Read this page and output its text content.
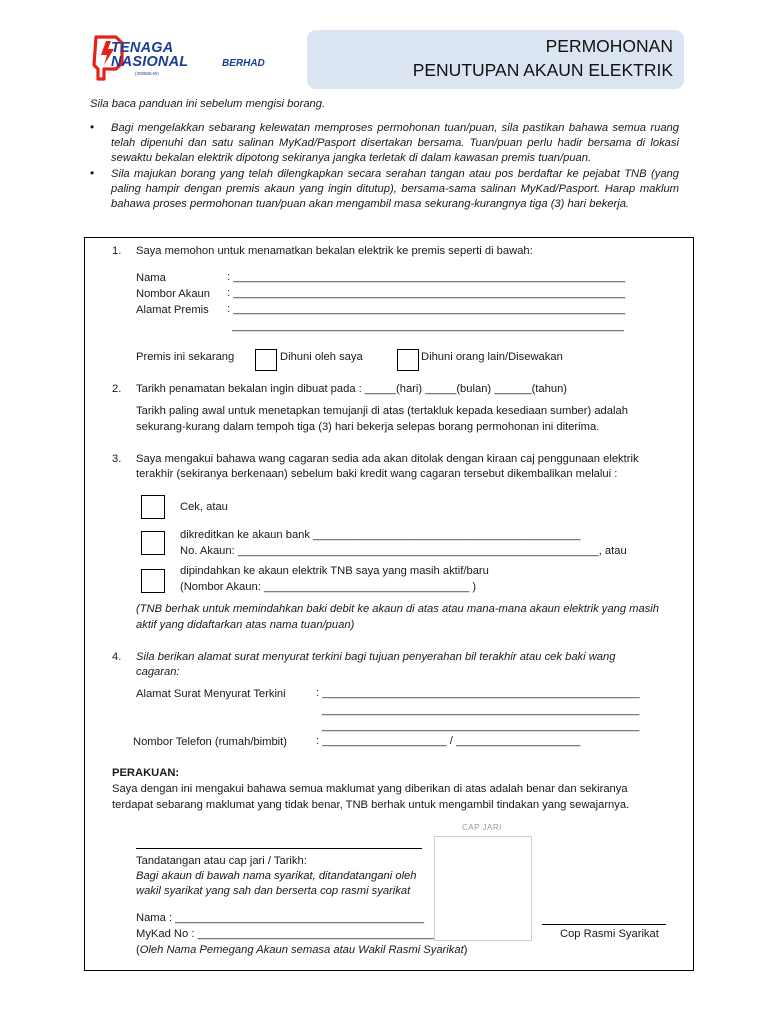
TENAGA
NASIONAL	BERHAD
(200866-W)
PERMOHONAN
PENUTUPAN AKAUN ELEKTRIK
Sila baca panduan ini sebelum mengisi borang.
•	Bagi mengelakkan sebarang kelewatan memproses permohonan tuan/puan, sila pastikan bahawa semua ruang telah dipenuhi dan satu salinan MyKad/Pasport disertakan bersama. Tuan/puan perlu hadir bersama di lokasi sewaktu bekalan elektrik dipotong sekiranya jangka terletak di dalam kawasan premis tuan/puan.
•	Sila majukan borang yang telah dilengkapkan secara serahan tangan atau pos berdaftar ke pejabat TNB (yang paling hampir dengan premis akaun yang ingin ditutup), bersama-sama salinan MyKad/Pasport. Harap maklum bahawa proses permohonan tuan/puan akan mengambil masa sekurang-kurangnya tiga (3) hari bekerja.
1. Saya memohon untuk menamatkan bekalan elektrik ke premis seperti di bawah:
Nama	: _______________________________________________________________
Nombor Akaun : _______________________________________________________________
Alamat Premis : _______________________________________________________________
_______________________________________________________________
Premis ini sekarang	Dihuni oleh saya	Dihuni orang lain/Disewakan
2. Tarikh penamatan bekalan ingin dibuat pada : _____(hari) _____(bulan) ______(tahun)
Tarikh paling awal untuk menetapkan temujanji di atas (tertakluk kepada kesediaan sumber) adalah
sekurang-kurang dalam tempoh tiga (3) hari bekerja selepas borang permohonan ini diterima.
3. Saya mengakui bahawa wang cagaran sedia ada akan ditolak dengan kiraan caj penggunaan elektrik
terakhir (sekiranya berkenaan) sebelum baki kredit wang cagaran tersebut dikembalikan melalui :
Cek, atau
dikreditkan ke akaun bank ___________________________________________
No. Akaun: __________________________________________________________, atau
dipindahkan ke akaun elektrik TNB saya yang masih aktif/baru
(Nombor Akaun: _________________________________ )
(TNB berhak untuk memindahkan baki debit ke akaun di atas atau mana-mana akaun elektrik yang masih
aktif yang didaftarkan atas nama tuan/puan)
4. Sila berikan alamat surat menyurat terkini bagi tujuan penyerahan bil terakhir atau cek baki wang
cagaran:
Alamat Surat Menyurat Terkini	: ___________________________________________________
___________________________________________________
___________________________________________________
Nombor Telefon (rumah/bimbit)	: ____________________ / ____________________
PERAKUAN:
Saya dengan ini mengakui bahawa semua maklumat yang diberikan di atas adalah benar dan sekiranya
terdapat sebarang maklumat yang tidak benar, TNB berhak untuk mengambil tindakan yang sewajarnya.
Tandatangan atau cap jari / Tarikh:
Bagi akaun di bawah nama syarikat, ditandatangani oleh
wakil syarikat yang sah dan berserta cop rasmi syarikat
CAP JARI
Nama : ________________________________________
MyKad No : ______________________________________
(Oleh Nama Pemegang Akaun semasa atau Wakil Rasmi Syarikat)
Cop Rasmi Syarikat
